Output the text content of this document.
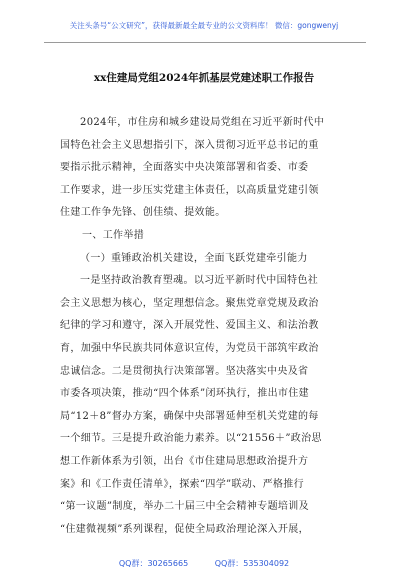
关注头条号“公文研究”，获得最新最全最专业的公文资料库！ 微信：gongwenyj
xx住建局党组2024年抓基层党建述职工作报告
2024年，市住房和城乡建设局党组在习近平新时代中
国特色社会主义思想指引下，深入贯彻习近平总书记的重
要指示批示精神，全面落实中央决策部署和省委、市委
工作要求，进一步压实党建主体责任，以高质量党建引领
住建工作争先锋、创佳绩、提效能。
一、工作举措
（一）重锤政治机关建设，全面飞跃党建牵引能力
一是坚持政治教育塑魂。以习近平新时代中国特色社
会主义思想为核心，坚定理想信念。聚焦党章党规及政治
纪律的学习和遵守，深入开展党性、爱国主义、和法治教
育，加强中华民族共同体意识宣传，为党员干部筑牢政治
忠诚信念。二是贯彻执行决策部署。坚决落实中央及省
市委各项决策，推动“四个体系”闭环执行，推出市住建
局“12＋8”督办方案，确保中央部署延伸至机关党建的每
一个细节。三是提升政治能力素养。以“21556＋”政治思
想工作新体系为引领，出台《市住建局思想政治提升方
案》和《工作责任清单》，探索“四学”联动、严格推行
“第一议题”制度，举办二十届三中全会精神专题培训及
“住建微视频”系列课程，促使全局政治理论深入开展，
QQ群：30265665	QQ群：535304092
